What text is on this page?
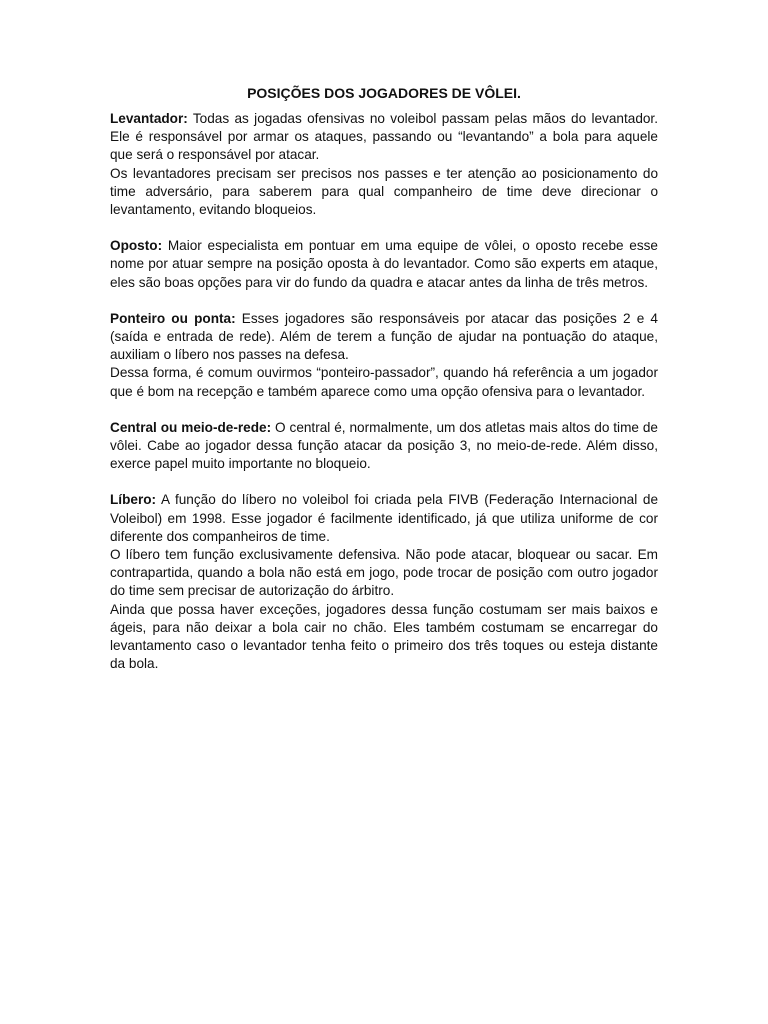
POSIÇÕES DOS JOGADORES DE VÔLEI.

Levantador: Todas as jogadas ofensivas no voleibol passam pelas mãos do levantador. Ele é responsável por armar os ataques, passando ou “levantando” a bola para aquele que será o responsável por atacar.

Os levantadores precisam ser precisos nos passes e ter atenção ao posicionamento do time adversário, para saberem para qual companheiro de time deve direcionar o levantamento, evitando bloqueios.

Oposto: Maior especialista em pontuar em uma equipe de vôlei, o oposto recebe esse nome por atuar sempre na posição oposta à do levantador. Como são experts em ataque, eles são boas opções para vir do fundo da quadra e atacar antes da linha de três metros.

Ponteiro ou ponta: Esses jogadores são responsáveis por atacar das posições 2 e 4 (saída e entrada de rede). Além de terem a função de ajudar na pontuação do ataque, auxiliam o líbero nos passes na defesa.

Dessa forma, é comum ouvirmos “ponteiro-passador”, quando há referência a um jogador que é bom na recepção e também aparece como uma opção ofensiva para o levantador.

Central ou meio-de-rede: O central é, normalmente, um dos atletas mais altos do time de vôlei. Cabe ao jogador dessa função atacar da posição 3, no meio-de-rede. Além disso, exerce papel muito importante no bloqueio.

Líbero: A função do líbero no voleibol foi criada pela FIVB (Federação Internacional de Voleibol) em 1998. Esse jogador é facilmente identificado, já que utiliza uniforme de cor diferente dos companheiros de time.

O líbero tem função exclusivamente defensiva. Não pode atacar, bloquear ou sacar. Em contrapartida, quando a bola não está em jogo, pode trocar de posição com outro jogador do time sem precisar de autorização do árbitro.

Ainda que possa haver exceções, jogadores dessa função costumam ser mais baixos e ágeis, para não deixar a bola cair no chão. Eles também costumam se encarregar do levantamento caso o levantador tenha feito o primeiro dos três toques ou esteja distante da bola.
